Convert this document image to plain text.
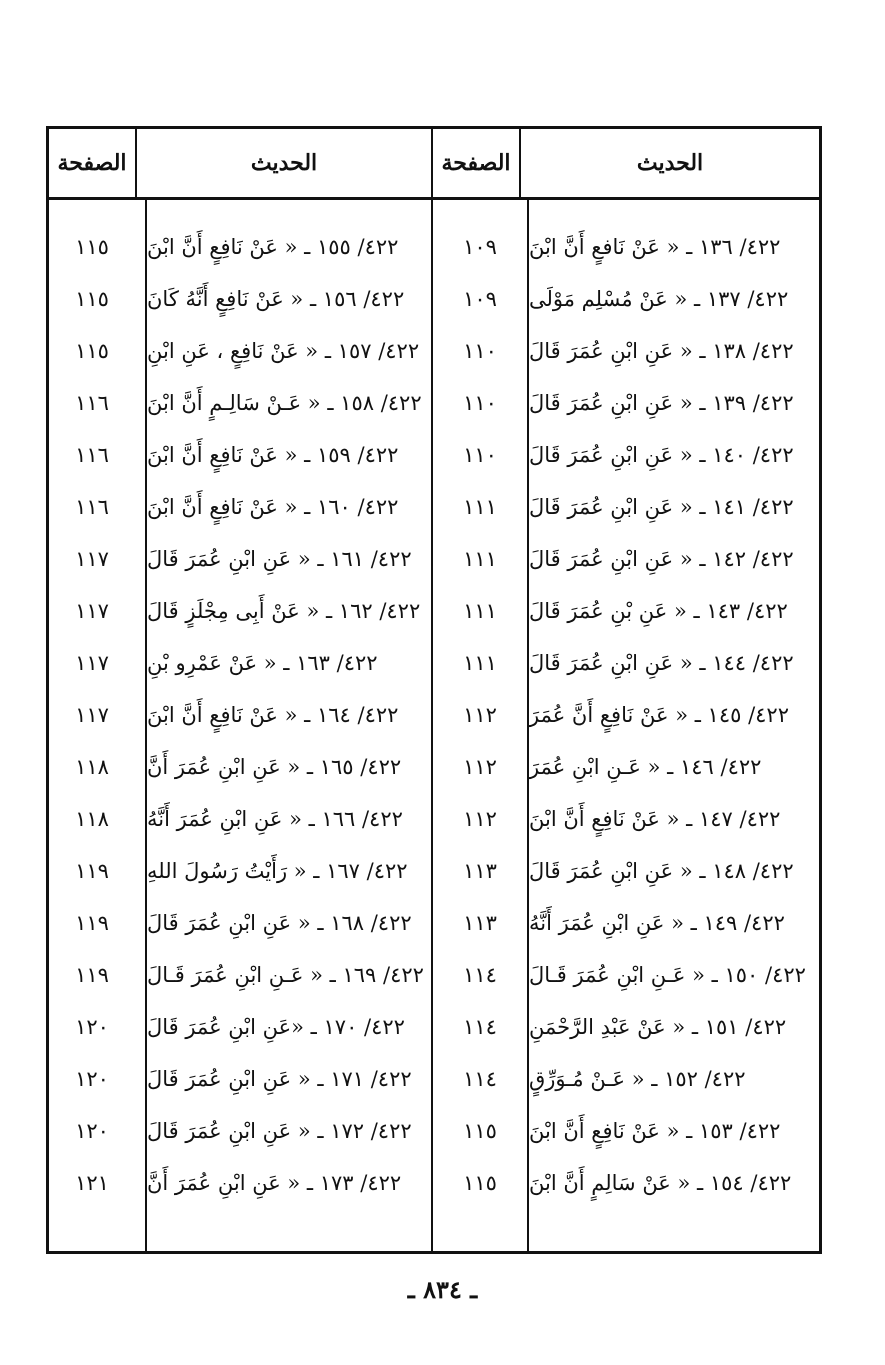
الصفحة	الحديث	الصفحة	الحديث
١١٥	٤٢٢/ ١٥٥ ـ « عَنْ نَافِعٍ أَنَّ ابْنَ	١٠٩	٤٢٢/ ١٣٦ ـ « عَنْ نَافعٍ أَنَّ ابْنَ
١١٥	٤٢٢/ ١٥٦ ـ « عَنْ نَافِعٍ أَنَّهُ كَانَ	١٠٩	٤٢٢/ ١٣٧ ـ « عَنْ مُسْلِم مَوْلَى
١١٥	٤٢٢/ ١٥٧ ـ « عَنْ نَافِعٍ ، عَنِ ابْنِ	١١٠	٤٢٢/ ١٣٨ ـ « عَنِ ابْنِ عُمَرَ قَالَ
١١٦	٤٢٢/ ١٥٨ ـ « عَـنْ سَالِـمٍ أَنَّ ابْنَ	١١٠	٤٢٢/ ١٣٩ ـ « عَنِ ابْنِ عُمَرَ قَالَ
١١٦	٤٢٢/ ١٥٩ ـ « عَنْ نَافِعٍ أَنَّ ابْنَ	١١٠	٤٢٢/ ١٤٠ ـ « عَنِ ابْنِ عُمَرَ قَالَ
١١٦	٤٢٢/ ١٦٠ ـ « عَنْ نَافِعٍ أَنَّ ابْنَ	١١١	٤٢٢/ ١٤١ ـ « عَنِ ابْنِ عُمَرَ قَالَ
١١٧	٤٢٢/ ١٦١ ـ « عَنِ ابْنِ عُمَرَ قَالَ	١١١	٤٢٢/ ١٤٢ ـ « عَنِ ابْنِ عُمَرَ قَالَ
١١٧	٤٢٢/ ١٦٢ ـ « عَنْ أَبِى مِجْلَزٍ قَالَ	١١١	٤٢٢/ ١٤٣ ـ « عَنِ بْنِ عُمَرَ قَالَ
١١٧	٤٢٢/ ١٦٣ ـ « عَنْ عَمْرِو بْنِ	١١١	٤٢٢/ ١٤٤ ـ « عَنِ ابْنِ عُمَرَ قَالَ
١١٧	٤٢٢/ ١٦٤ ـ « عَنْ نَافِعٍ أَنَّ ابْنَ	١١٢	٤٢٢/ ١٤٥ ـ « عَنْ نَافِعٍ أَنَّ عُمَرَ
١١٨	٤٢٢/ ١٦٥ ـ « عَنِ ابْنِ عُمَرَ أَنَّ	١١٢	٤٢٢/ ١٤٦ ـ « عَـنِ ابْنِ عُمَرَ
١١٨	٤٢٢/ ١٦٦ ـ « عَنِ ابْنِ عُمَرَ أَنَّهُ	١١٢	٤٢٢/ ١٤٧ ـ « عَنْ نَافِعٍ أَنَّ ابْنَ
١١٩	٤٢٢/ ١٦٧ ـ « رَأَيْتُ رَسُولَ اللهِ	١١٣	٤٢٢/ ١٤٨ ـ « عَنِ ابْنِ عُمَرَ قَالَ
١١٩	٤٢٢/ ١٦٨ ـ « عَنِ ابْنِ عُمَرَ قَالَ	١١٣	٤٢٢/ ١٤٩ ـ « عَنِ ابْنِ عُمَرَ أَنَّهُ
١١٩	٤٢٢/ ١٦٩ ـ « عَـنِ ابْنِ عُمَرَ قَـالَ	١١٤	٤٢٢/ ١٥٠ ـ « عَـنِ ابْنِ عُمَرَ قَـالَ
١٢٠	٤٢٢/ ١٧٠ ـ «عَنِ ابْنِ عُمَرَ قَالَ	١١٤	٤٢٢/ ١٥١ ـ « عَنْ عَبْدِ الرَّحْمَنِ
١٢٠	٤٢٢/ ١٧١ ـ « عَنِ ابْنِ عُمَرَ قَالَ	١١٤	٤٢٢/ ١٥٢ ـ « عَـنْ مُـوَرِّقٍ
١٢٠	٤٢٢/ ١٧٢ ـ « عَنِ ابْنِ عُمَرَ قَالَ	١١٥	٤٢٢/ ١٥٣ ـ « عَنْ نَافِعٍ أَنَّ ابْنَ
١٢١	٤٢٢/ ١٧٣ ـ « عَنِ ابْنِ عُمَرَ أَنَّ	١١٥	٤٢٢/ ١٥٤ ـ « عَنْ سَالِمٍ أَنَّ ابْنَ
ـ ٨٣٤ ـ
